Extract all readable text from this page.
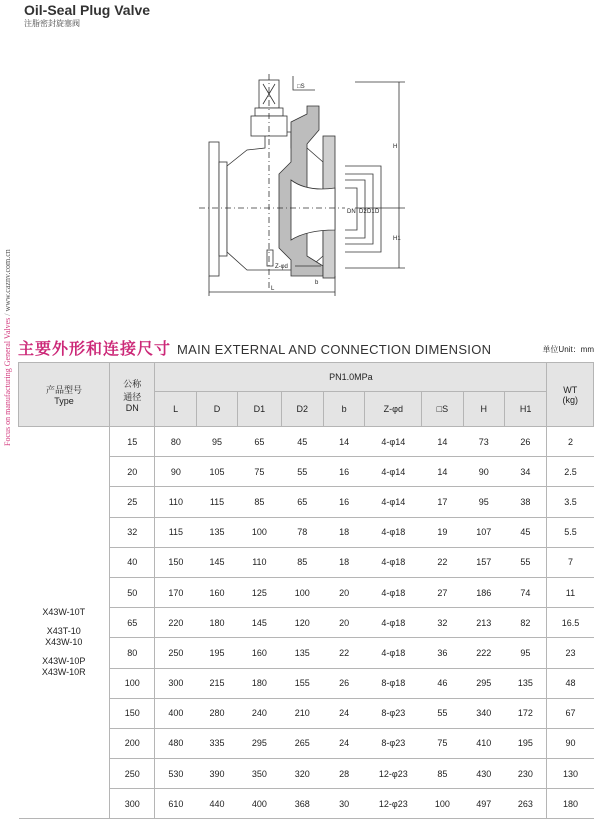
Oil-Seal Plug Valve
注脂密封旋塞阀
Focus on manufacturing General Valves / www.caznv.com.cn
□S
H
H1
DN D2 D1 D
Z-φd
b
L
主要外形和连接尺寸 MAIN EXTERNAL AND CONNECTION DIMENSION	单位Unit：mm
产品型号
Type	公称
通径
DN	PN1.0MPa									WT
(kg)

		L	D	D1	D2	b	Z-φd	□S	H	H1	

X43W-10T
X43T-10
X43W-10
X43W-10P
X43W-10R	15	80	95	65	45	14	4-φ14	14	73	26	2
	20	90	105	75	55	16	4-φ14	14	90	34	2.5
	25	110	115	85	65	16	4-φ14	17	95	38	3.5
	32	115	135	100	78	18	4-φ18	19	107	45	5.5
	40	150	145	110	85	18	4-φ18	22	157	55	7
	50	170	160	125	100	20	4-φ18	27	186	74	11
	65	220	180	145	120	20	4-φ18	32	213	82	16.5
	80	250	195	160	135	22	4-φ18	36	222	95	23
	100	300	215	180	155	26	8-φ18	46	295	135	48
	150	400	280	240	210	24	8-φ23	55	340	172	67
	200	480	335	295	265	24	8-φ23	75	410	195	90
	250	530	390	350	320	28	12-φ23	85	430	230	130
	300	610	440	400	368	30	12-φ23	100	497	263	180
